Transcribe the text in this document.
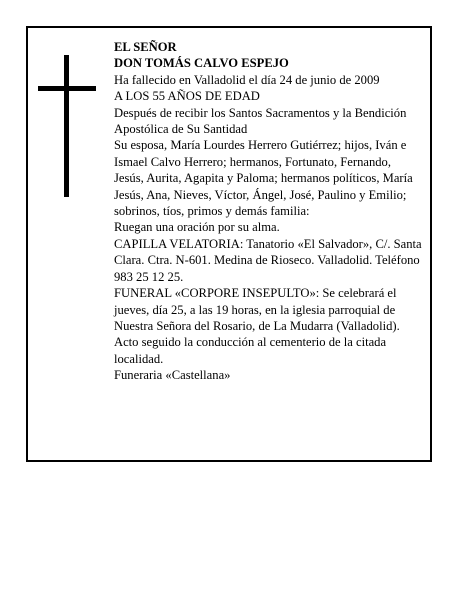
EL SEÑOR

DON TOMÁS CALVO ESPEJO

Ha fallecido en Valladolid el día 24 de junio de 2009

A LOS 55 AÑOS DE EDAD

Después de recibir los Santos Sacramentos y la Bendición Apostólica de Su Santidad

Su esposa, María Lourdes Herrero Gutiérrez; hijos, Iván e Ismael Calvo Herrero; hermanos, Fortunato, Fernando, Jesús, Aurita, Agapita y Paloma; hermanos políticos, María Jesús, Ana, Nieves, Víctor, Ángel, José, Paulino y Emilio; sobrinos, tíos, primos y demás familia:

Ruegan una oración por su alma.

CAPILLA VELATORIA: Tanatorio «El Salvador», C/. Santa Clara. Ctra. N-601. Medina de Rioseco. Valladolid. Teléfono 983 25 12 25.

FUNERAL «CORPORE INSEPULTO»: Se celebrará el jueves, día 25, a las 19 horas, en la iglesia parroquial de Nuestra Señora del Rosario, de La Mudarra (Valladolid). Acto seguido la conducción al cementerio de la citada localidad.

Funeraria «Castellana»
